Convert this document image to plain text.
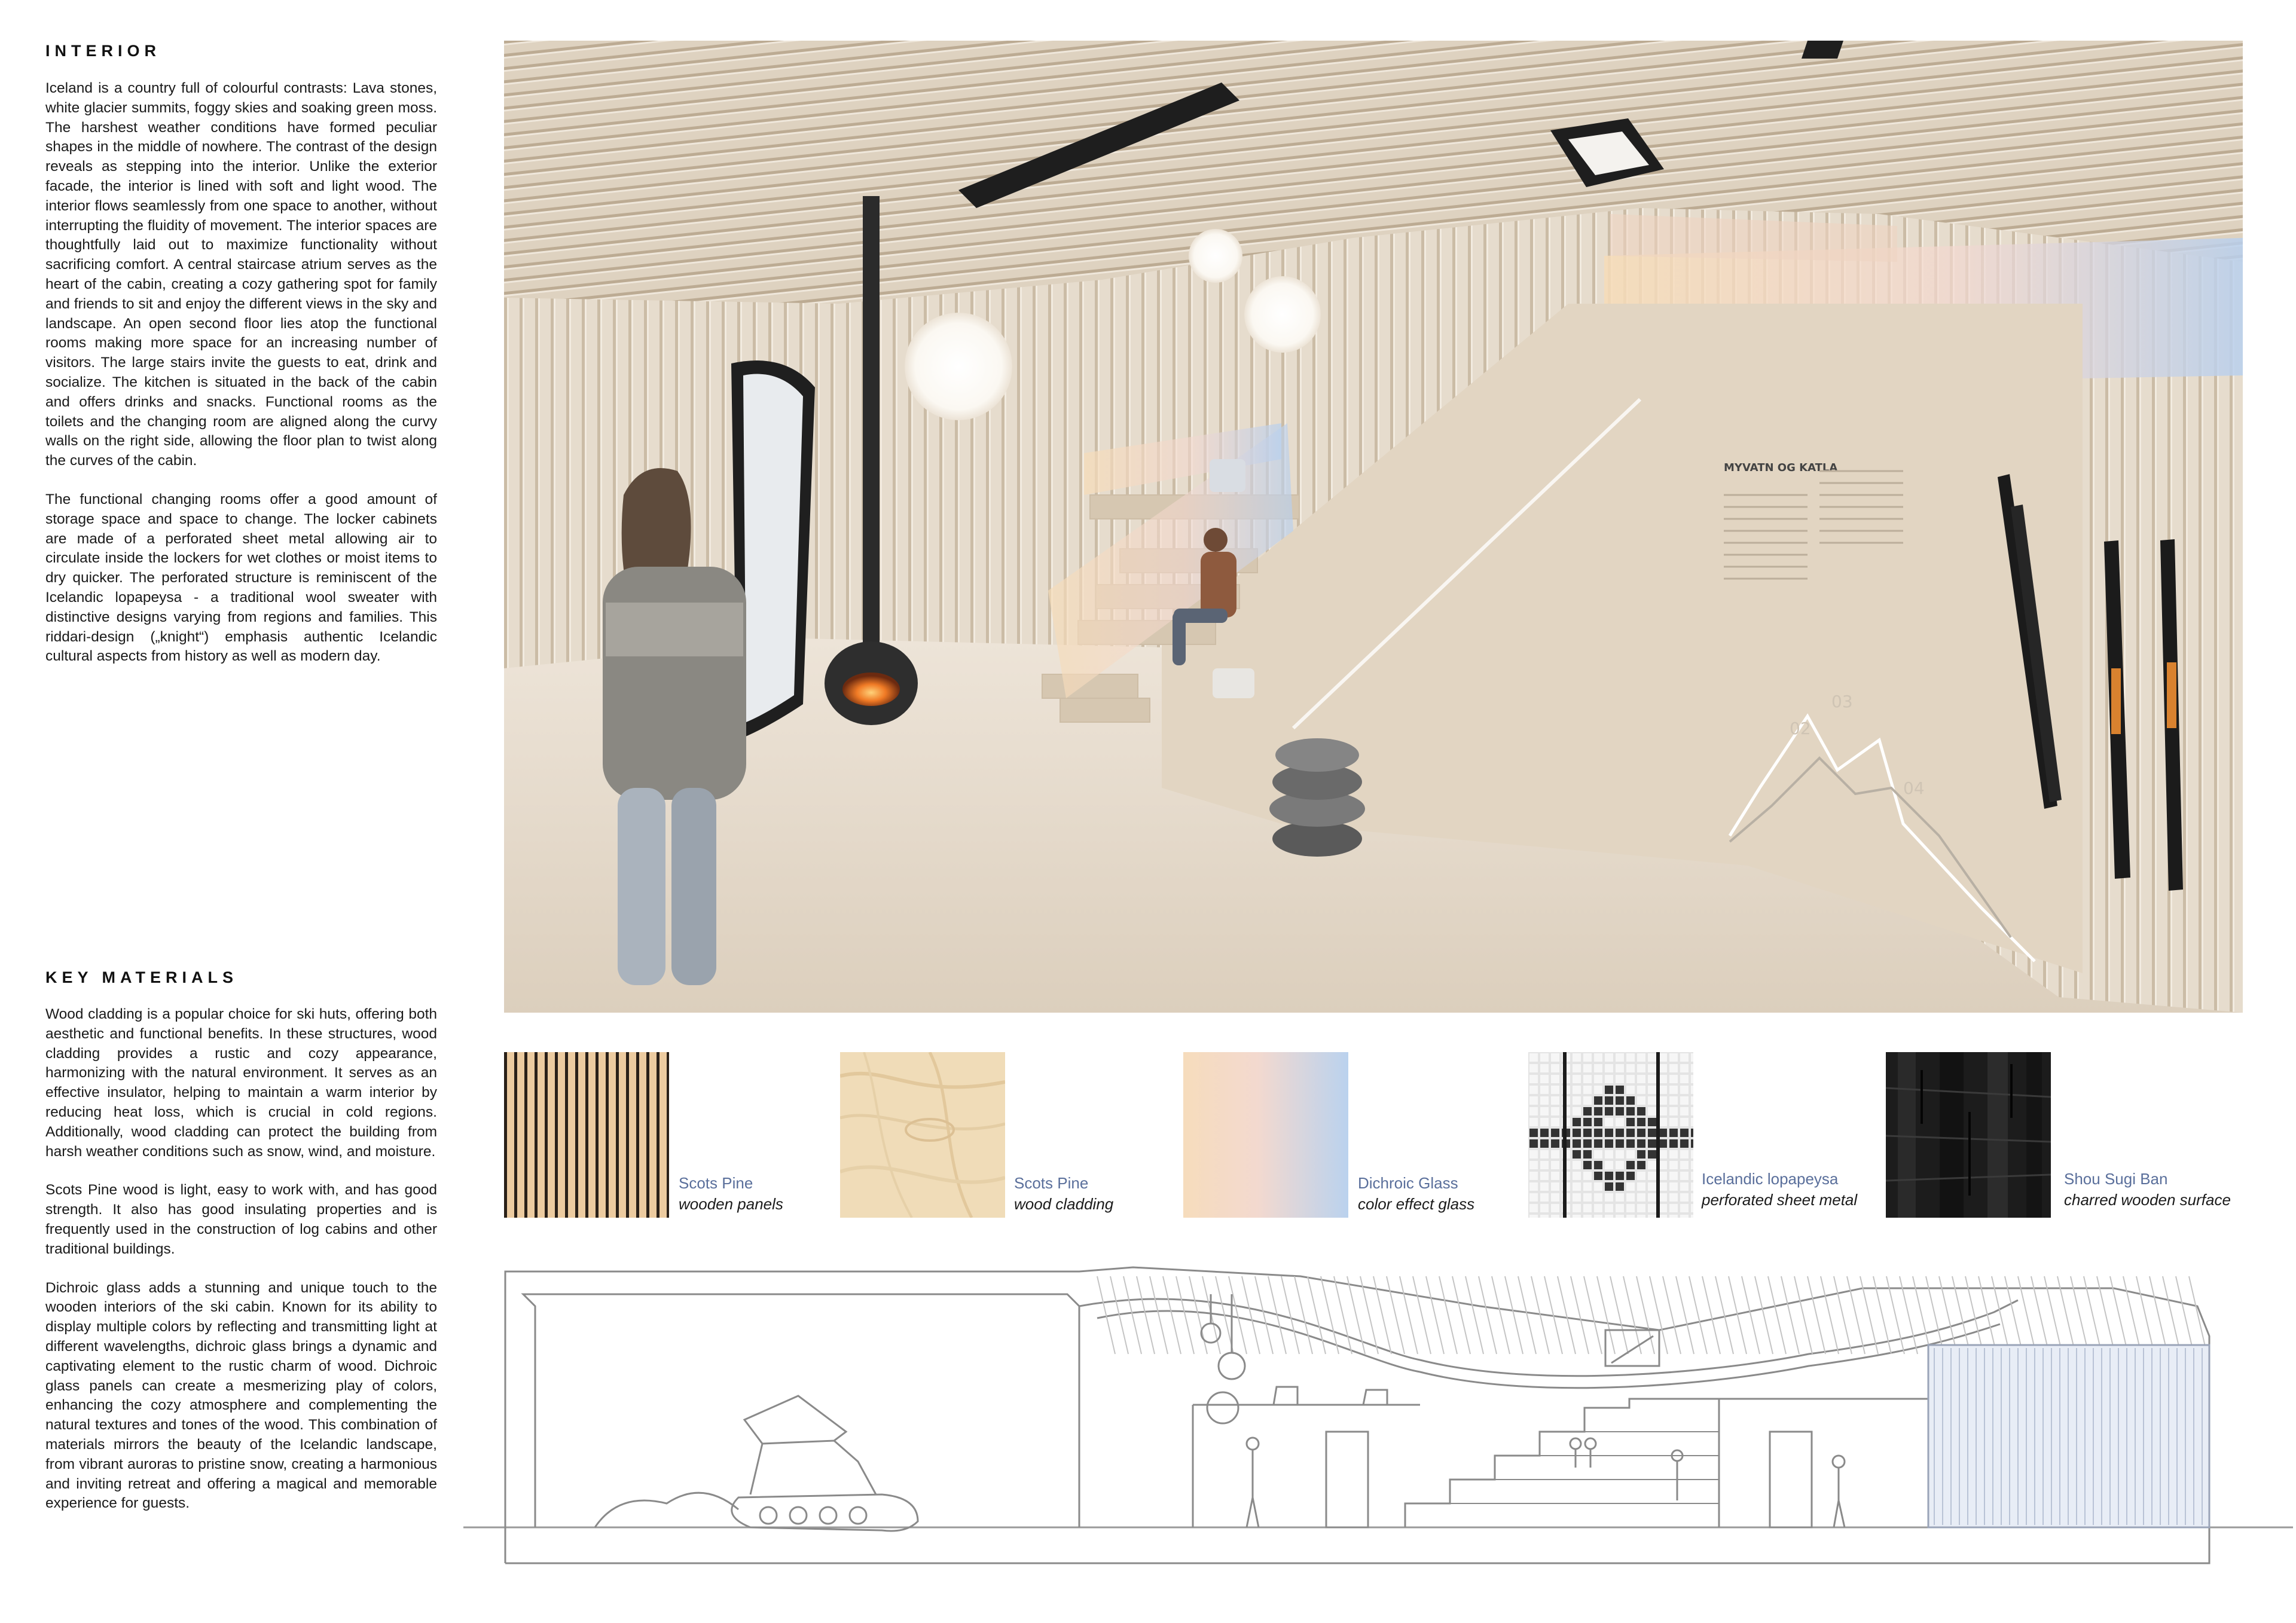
INTERIOR

Iceland is a country full of colourful contrasts: Lava stones, white glacier summits, foggy skies and soaking green moss. The harshest weather conditions have formed peculiar shapes in the middle of nowhere. The contrast of the design reveals as stepping into the interior. Unlike the exterior facade, the interior is lined with soft and light wood. The interior flows seamlessly from one space to another, without interrupting the fluidity of movement. The interior spaces are thoughtfully laid out to maximize functionality without sacrificing comfort. A central staircase atrium serves as the heart of the cabin, creating a cozy gathering spot for family and friends to sit and enjoy the different views in the sky and landscape. An open second floor lies atop the functional rooms making more space for an increasing number of visitors. The large stairs invite the guests to eat, drink and socialize. The kitchen is situated in the back of the cabin and offers drinks and snacks. Functional rooms as the toilets and the changing room are aligned along the curvy walls on the right side, allowing the floor plan to twist along the curves of the cabin.

The functional changing rooms offer a good amount of storage space and space to change. The locker cabinets are made of a perforated sheet metal allowing air to circulate inside the lockers for wet clothes or moist items to dry quicker. The perforated structure is reminiscent of the Icelandic lopapeysa - a traditional wool sweater with distinctive designs varying from regions and families. This riddari-design („knight“) emphasis authentic Icelandic cultural aspects from history as well as modern day.

KEY MATERIALS

Wood cladding is a popular choice for ski huts, offering both aesthetic and functional benefits. In these structures, wood cladding provides a rustic and cozy appearance, harmonizing with the natural environment. It serves as an effective insulator, helping to maintain a warm interior by reducing heat loss, which is crucial in cold regions. Additionally, wood cladding can protect the building from harsh weather conditions such as snow, wind, and moisture.

Scots Pine wood is light, easy to work with, and has good strength. It also has good insulating properties and is frequently used in the construction of log cabins and other traditional buildings.

Dichroic glass adds a stunning and unique touch to the wooden interiors of the ski cabin. Known for its ability to display multiple colors by reflecting and transmitting light at different wavelengths, dichroic glass brings a dynamic and captivating element to the rustic charm of wood. Dichroic glass panels can create a mesmerizing play of colors, enhancing the cozy atmosphere and complementing the natural textures and tones of the wood. This combination of materials mirrors the beauty of the Icelandic landscape, from vibrant auroras to pristine snow, creating a harmonious and inviting retreat and offering a magical and memorable experience for guests.

MYVATN OG KATLA
02
03
04
Scots Pine
wooden panels
Scots Pine
wood cladding
Dichroic Glass
color effect glass
Icelandic lopapeysa
perforated sheet metal
Shou Sugi Ban
charred wooden surface
